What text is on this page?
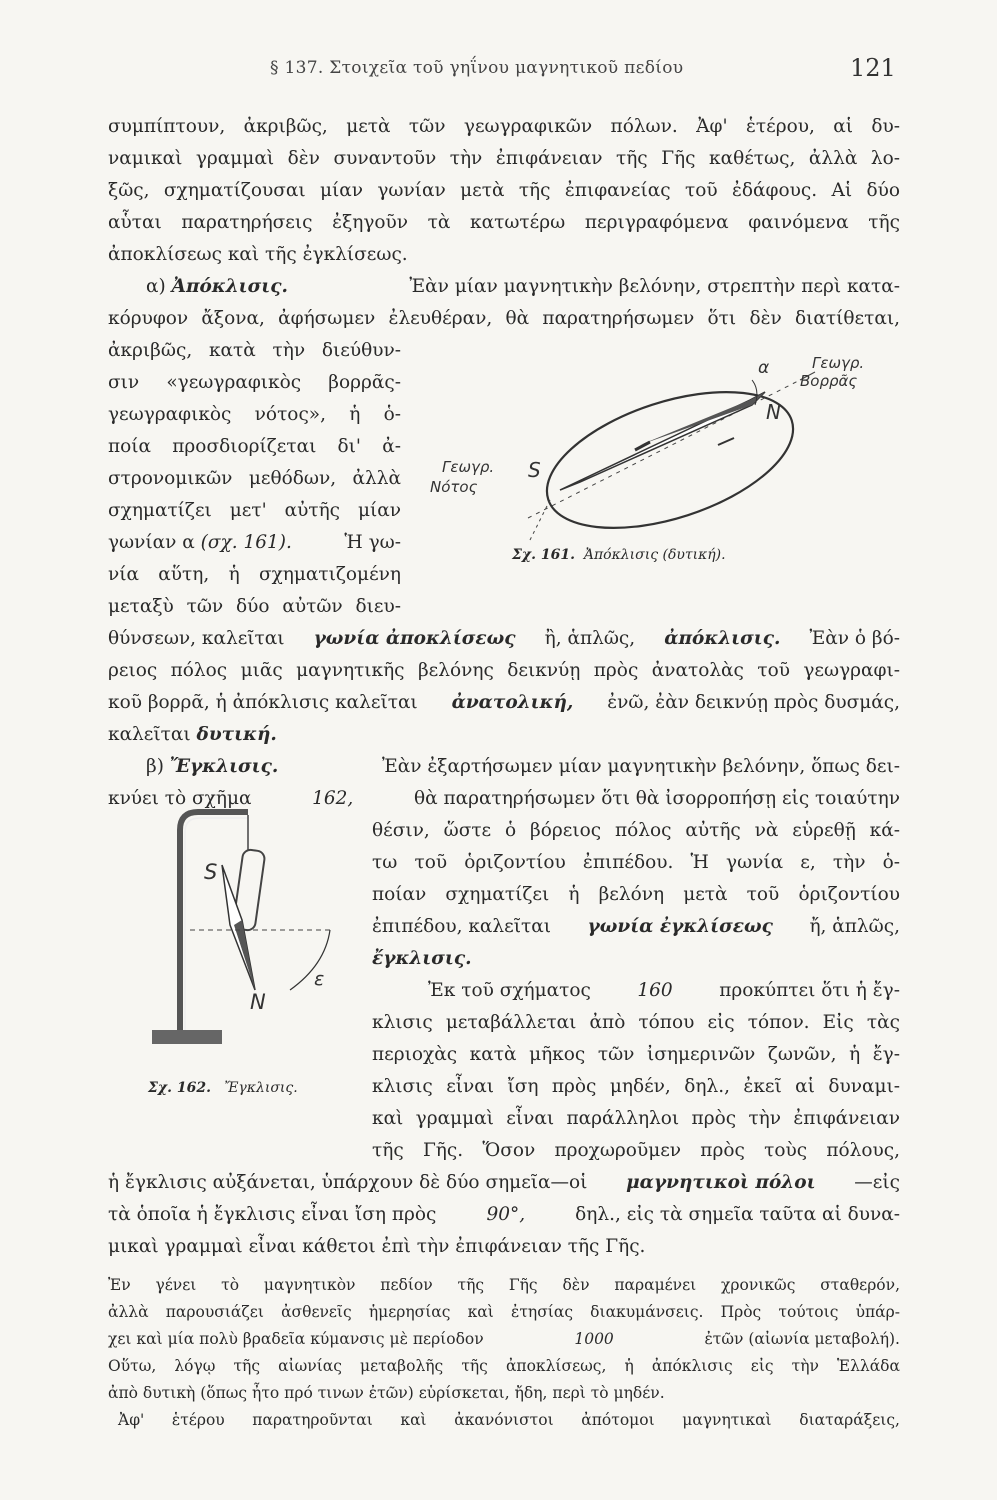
§ 137. Στοιχεῖα τοῦ γηΐνου μαγνητικοῦ πεδίου	121
συμπίπτουν, ἀκριβῶς, μετὰ τῶν γεωγραφικῶν πόλων. Ἀφ' ἑτέρου, αἱ δυ-
ναμικαὶ γραμμαὶ δὲν συναντοῦν τὴν ἐπιφάνειαν τῆς Γῆς καθέτως, ἀλλὰ λο-
ξῶς, σχηματίζουσαι μίαν γωνίαν μετὰ τῆς ἐπιφανείας τοῦ ἐδάφους. Αἱ δύο
αὗται παρατηρήσεις ἐξηγοῦν τὰ κατωτέρω περιγραφόμενα φαινόμενα τῆς
ἀποκλίσεως καὶ τῆς ἐγκλίσεως.
α) Ἀπόκλισις.	Ἐὰν μίαν μαγνητικὴν βελόνην, στρεπτὴν περὶ κατα-
κόρυφον ἄξονα, ἀφήσωμεν ἐλευθέραν, θὰ παρατηρήσωμεν ὅτι δὲν διατίθεται,
ἀκριβῶς, κατὰ τὴν διεύθυν-
σιν «γεωγραφικὸς βορρᾶς-
γεωγραφικὸς νότος», ἡ ὁ-
ποία προσδιορίζεται δι' ἀ-
στρονομικῶν μεθόδων, ἀλλὰ
σχηματίζει μετ' αὐτῆς μίαν
γωνίαν α (σχ. 161).	Ἡ γω-
νία αὕτη, ἡ σχηματιζομένη
μεταξὺ τῶν δύο αὐτῶν διευ-
θύνσεων, καλεῖται γωνία ἀποκλίσεως ἢ, ἁπλῶς, ἀπόκλισις. Ἐὰν ὁ βό-
ρειος πόλος μιᾶς μαγνητικῆς βελόνης δεικνύῃ πρὸς ἀνατολὰς τοῦ γεωγραφι-
κοῦ βορρᾶ, ἡ ἀπόκλισις καλεῖται ἀνατολική, ἐνῶ, ἐὰν δεικνύῃ πρὸς δυσμάς,
καλεῖται δυτική.
α	Γεωγρ.
Βορρᾶς
N
S
Γεωγρ.
Νότος
Σχ. 161. Ἀπόκλισις (δυτική).
β) Ἔγκλισις.	Ἐὰν ἐξαρτήσωμεν μίαν μαγνητικὴν βελόνην, ὅπως δει-
κνύει τὸ σχῆμα	162,	θὰ παρατηρήσωμεν ὅτι θὰ ἰσορροπήσῃ εἰς τοιαύτην
θέσιν, ὥστε ὁ βόρειος πόλος αὐτῆς νὰ εὑρεθῇ κά-
τω τοῦ ὁριζοντίου ἐπιπέδου. Ἡ γωνία ε, τὴν ὁ-
ποίαν σχηματίζει ἡ βελόνη μετὰ τοῦ ὁριζοντίου
ἐπιπέδου, καλεῖται γωνία ἐγκλίσεως ἤ, ἁπλῶς,
ἔγκλισις.
Ἐκ τοῦ σχήματος	160	προκύπτει ὅτι ἡ ἔγ-
κλισις μεταβάλλεται ἀπὸ τόπου εἰς τόπον. Εἰς τὰς
περιοχὰς κατὰ μῆκος τῶν ἰσημερινῶν ζωνῶν, ἡ ἔγ-
κλισις εἶναι ἴση πρὸς μηδέν, δηλ., ἐκεῖ αἱ δυναμι-
καὶ γραμμαὶ εἶναι παράλληλοι πρὸς τὴν ἐπιφάνειαν
τῆς Γῆς. Ὅσον προχωροῦμεν πρὸς τοὺς πόλους,
ἡ ἔγκλισις αὐξάνεται, ὑπάρχουν δὲ δύο σημεῖα—οἱ μαγνητικοὶ πόλοι —εἰς
τὰ ὁποῖα ἡ ἔγκλισις εἶναι ἴση πρὸς	90°,	δηλ., εἰς τὰ σημεῖα ταῦτα αἱ δυνα-
μικαὶ γραμμαὶ εἶναι κάθετοι ἐπὶ τὴν ἐπιφάνειαν τῆς Γῆς.
S
N
ε
Σχ. 162. Ἔγκλισις.
Ἐν γένει τὸ μαγνητικὸν πεδίον τῆς Γῆς δὲν παραμένει χρονικῶς σταθερόν,
ἀλλὰ παρουσιάζει ἀσθενεῖς ἡμερησίας καὶ ἐτησίας διακυμάνσεις. Πρὸς τούτοις ὑπάρ-
χει καὶ μία πολὺ βραδεῖα κύμανσις μὲ περίοδον	1000	ἐτῶν (αἰωνία μεταβολή).
Οὕτω, λόγῳ τῆς αἰωνίας μεταβολῆς τῆς ἀποκλίσεως, ἡ ἀπόκλισις εἰς τὴν Ἑλλάδα
ἀπὸ δυτικὴ (ὅπως ἦτο πρό τινων ἐτῶν) εὑρίσκεται, ἤδη, περὶ τὸ μηδέν.
Ἀφ' ἑτέρου παρατηροῦνται καὶ ἀκανόνιστοι ἀπότομοι μαγνητικαὶ διαταράξεις,
